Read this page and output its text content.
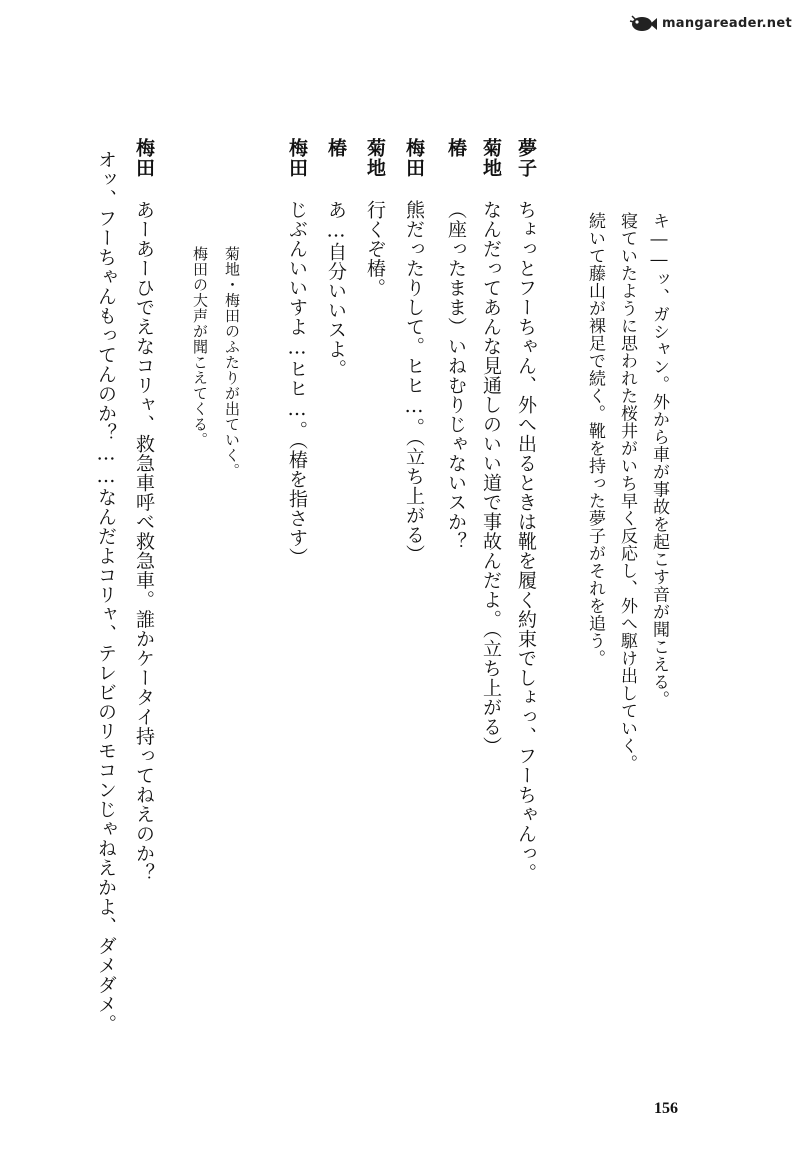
mangareader.net
キ――ッ、ガシャン。外から車が事故を起こす音が聞こえる。
寝ていたように思われた桜井がいち早く反応し、外へ駆け出していく。
続いて藤山が裸足で続く。靴を持った夢子がそれを追う。
夢子
ちょっとフーちゃん、外へ出るときは靴を履く約束でしょっ、フーちゃんっ。
菊地
なんだってあんな見通しのいい道で事故んだよ。（立ち上がる）
椿
（座ったまま）いねむりじゃないスか？
梅田
熊だったりして。ヒヒ…。（立ち上がる）
菊地
行くぞ椿。
椿
あ…自分いいスよ。
梅田
じぶんいいすよ…ヒヒ…。（椿を指さす）
菊地・梅田のふたりが出ていく。
梅田の大声が聞こえてくる。
梅田
あーあーひでえなコリャ、救急車呼べ救急車。誰かケータイ持ってねえのか？
オッ、フーちゃんもってんのか？……なんだよコリャ、テレビのリモコンじゃねえかよ、ダメダメ。
156
